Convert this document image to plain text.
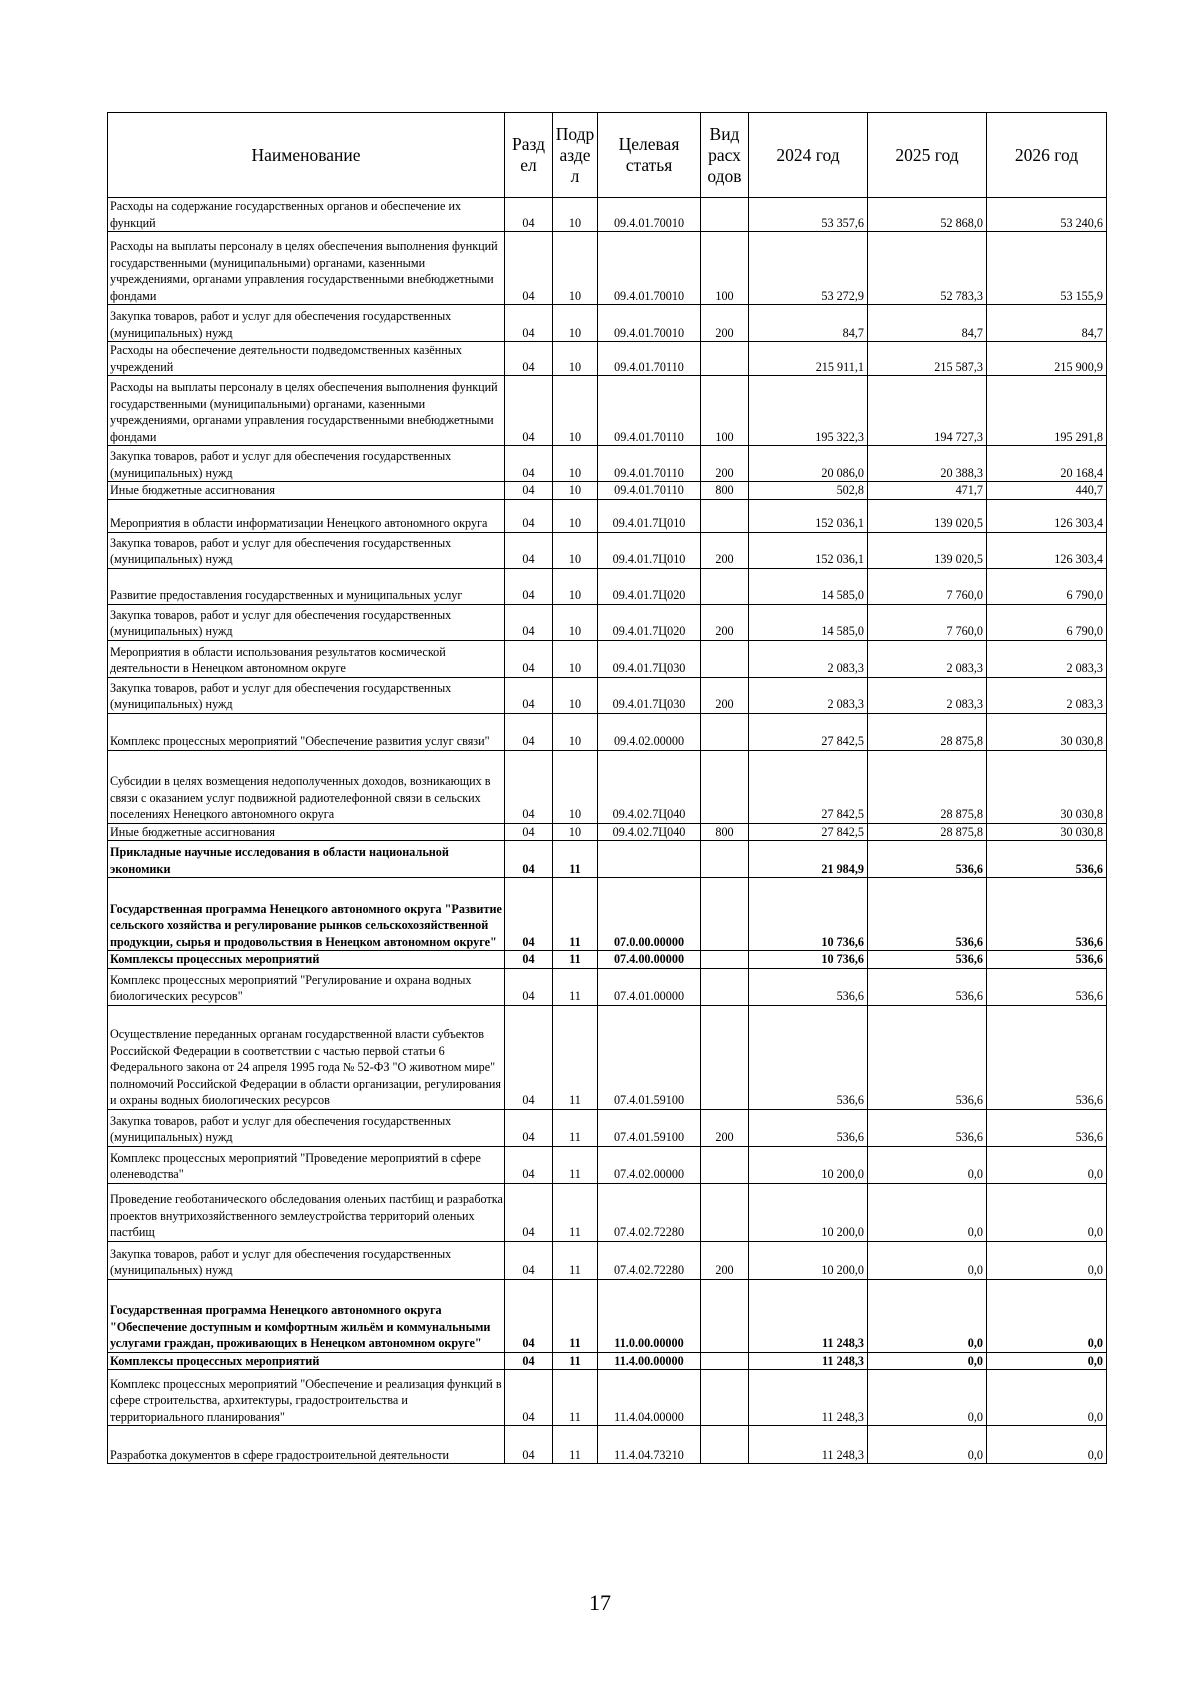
Наименование	Разд ел	Подр азде л	Целевая статья	Вид расх одов	2024 год	2025 год	2026 год
Расходы на содержание государственных органов и обеспечение их функций	04	10	09.4.01.70010		53 357,6	52 868,0	53 240,6
Расходы на выплаты персоналу в целях обеспечения выполнения функций государственными (муниципальными) органами, казенными учреждениями, органами управления государственными внебюджетными фондами	04	10	09.4.01.70010	100	53 272,9	52 783,3	53 155,9
Закупка товаров, работ и услуг для обеспечения государственных (муниципальных) нужд	04	10	09.4.01.70010	200	84,7	84,7	84,7
Расходы на обеспечение деятельности подведомственных казённых учреждений	04	10	09.4.01.70110		215 911,1	215 587,3	215 900,9
Расходы на выплаты персоналу в целях обеспечения выполнения функций государственными (муниципальными) органами, казенными учреждениями, органами управления государственными внебюджетными фондами	04	10	09.4.01.70110	100	195 322,3	194 727,3	195 291,8
Закупка товаров, работ и услуг для обеспечения государственных (муниципальных) нужд	04	10	09.4.01.70110	200	20 086,0	20 388,3	20 168,4
Иные бюджетные ассигнования	04	10	09.4.01.70110	800	502,8	471,7	440,7
Мероприятия в области информатизации Ненецкого автономного округа	04	10	09.4.01.7Ц010		152 036,1	139 020,5	126 303,4
Закупка товаров, работ и услуг для обеспечения государственных (муниципальных) нужд	04	10	09.4.01.7Ц010	200	152 036,1	139 020,5	126 303,4
Развитие предоставления государственных и муниципальных услуг	04	10	09.4.01.7Ц020		14 585,0	7 760,0	6 790,0
Закупка товаров, работ и услуг для обеспечения государственных (муниципальных) нужд	04	10	09.4.01.7Ц020	200	14 585,0	7 760,0	6 790,0
Мероприятия в области использования результатов космической деятельности в Ненецком автономном округе	04	10	09.4.01.7Ц030		2 083,3	2 083,3	2 083,3
Закупка товаров, работ и услуг для обеспечения государственных (муниципальных) нужд	04	10	09.4.01.7Ц030	200	2 083,3	2 083,3	2 083,3
Комплекс процессных мероприятий "Обеспечение развития услуг связи"	04	10	09.4.02.00000		27 842,5	28 875,8	30 030,8
Субсидии в целях возмещения недополученных доходов, возникающих в связи с оказанием услуг подвижной радиотелефонной связи в сельских поселениях Ненецкого автономного округа	04	10	09.4.02.7Ц040		27 842,5	28 875,8	30 030,8
Иные бюджетные ассигнования	04	10	09.4.02.7Ц040	800	27 842,5	28 875,8	30 030,8
Прикладные научные исследования в области национальной экономики	04	11			21 984,9	536,6	536,6
Государственная программа Ненецкого автономного округа "Развитие сельского хозяйства и регулирование рынков сельскохозяйственной продукции, сырья и продовольствия в Ненецком автономном округе"	04	11	07.0.00.00000		10 736,6	536,6	536,6
Комплексы процессных мероприятий	04	11	07.4.00.00000		10 736,6	536,6	536,6
Комплекс процессных мероприятий "Регулирование и охрана водных биологических ресурсов"	04	11	07.4.01.00000		536,6	536,6	536,6
Осуществление переданных органам государственной власти субъектов Российской Федерации в соответствии с частью первой статьи 6 Федерального закона от 24 апреля 1995 года № 52-ФЗ "О животном мире" полномочий Российской Федерации в области организации, регулирования и охраны водных биологических ресурсов	04	11	07.4.01.59100		536,6	536,6	536,6
Закупка товаров, работ и услуг для обеспечения государственных (муниципальных) нужд	04	11	07.4.01.59100	200	536,6	536,6	536,6
Комплекс процессных мероприятий "Проведение мероприятий в сфере оленеводства"	04	11	07.4.02.00000		10 200,0	0,0	0,0
Проведение геоботанического обследования оленьих пастбищ и разработка проектов внутрихозяйственного землеустройства территорий оленьих пастбищ	04	11	07.4.02.72280		10 200,0	0,0	0,0
Закупка товаров, работ и услуг для обеспечения государственных (муниципальных) нужд	04	11	07.4.02.72280	200	10 200,0	0,0	0,0
Государственная программа Ненецкого автономного округа "Обеспечение доступным и комфортным жильём и коммунальными услугами граждан, проживающих в Ненецком автономном округе"	04	11	11.0.00.00000		11 248,3	0,0	0,0
Комплексы процессных мероприятий	04	11	11.4.00.00000		11 248,3	0,0	0,0
Комплекс процессных мероприятий "Обеспечение и реализация функций в сфере строительства, архитектуры, градостроительства и территориального планирования"	04	11	11.4.04.00000		11 248,3	0,0	0,0
Разработка документов в сфере градостроительной деятельности	04	11	11.4.04.73210		11 248,3	0,0	0,0
17
